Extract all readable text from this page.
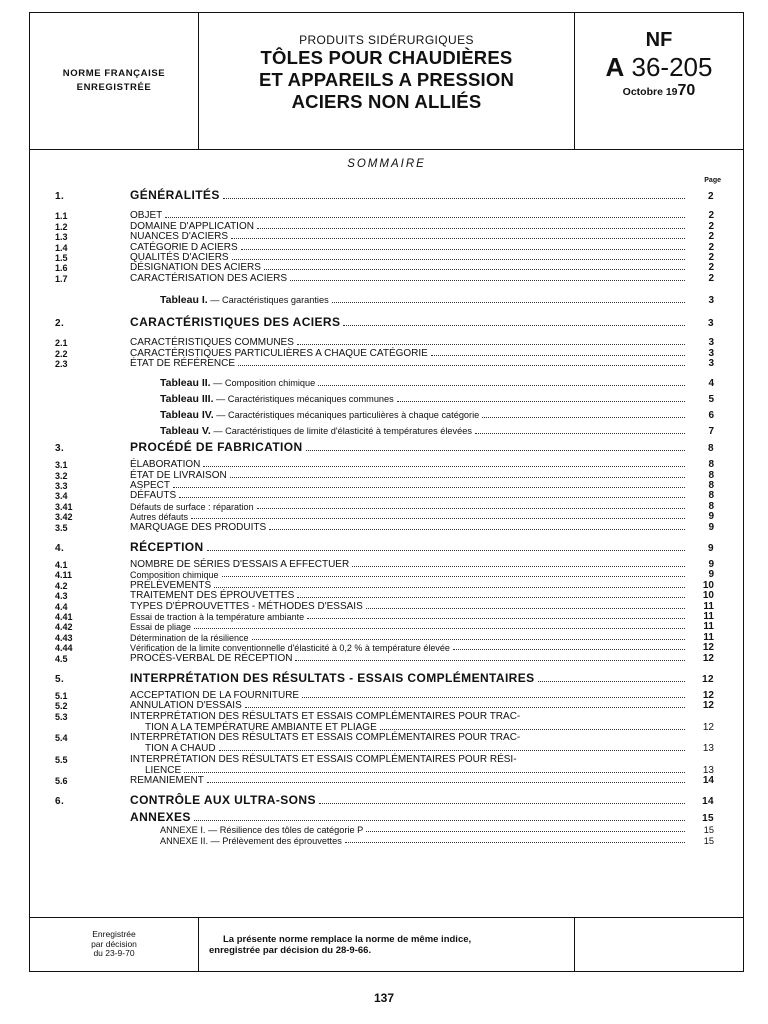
NORME FRANÇAISE
ENREGISTRÉE
PRODUITS SIDÉRURGIQUES
TÔLES POUR CHAUDIÈRES
ET APPAREILS A PRESSION
ACIERS NON ALLIÉS
NF
A 36-205
Octobre 1970
SOMMAIRE
Page
1.	GÉNÉRALITÉS	2
1.1	OBJET	2
1.2	DOMAINE D'APPLICATION	2
1.3	NUANCES D'ACIERS	2
1.4	CATÉGORIE D ACIERS	2
1.5	QUALITÉS D'ACIERS	2
1.6	DÉSIGNATION DES ACIERS	2
1.7	CARACTÉRISATION DES ACIERS	2
Tableau I. — Caractéristiques garanties	3
2.	CARACTÉRISTIQUES DES ACIERS	3
2.1	CARACTÉRISTIQUES COMMUNES	3
2.2	CARACTÉRISTIQUES PARTICULIÈRES A CHAQUE CATÉGORIE	3
2.3	ÉTAT DE RÉFÉRENCE	3
Tableau II. — Composition chimique	4
Tableau III. — Caractéristiques mécaniques communes	5
Tableau IV. — Caractéristiques mécaniques particulières à chaque catégorie	6
Tableau V. — Caractéristiques de limite d'élasticité à températures élevées	7
3.	PROCÉDÉ DE FABRICATION	8
3.1	ÉLABORATION	8
3.2	ÉTAT DE LIVRAISON	8
3.3	ASPECT	8
3.4	DÉFAUTS	8
3.41	Défauts de surface : réparation	8
3.42	Autres défauts	9
3.5	MARQUAGE DES PRODUITS	9
4.	RÉCEPTION	9
4.1	NOMBRE DE SÉRIES D'ESSAIS A EFFECTUER	9
4.11	Composition chimique	9
4.2	PRÉLÈVEMENTS	10
4.3	TRAITEMENT DES ÉPROUVETTES	10
4.4	TYPES D'ÉPROUVETTES - MÉTHODES D'ESSAIS	11
4.41	Essai de traction à la température ambiante	11
4.42	Essai de pliage	11
4.43	Détermination de la résilience	11
4.44	Vérification de la limite conventionnelle d'élasticité à 0,2 % à température élevée	12
4.5	PROCÈS-VERBAL DE RÉCEPTION	12
5.	INTERPRÉTATION DES RÉSULTATS - ESSAIS COMPLÉMENTAIRES	12
5.1	ACCEPTATION DE LA FOURNITURE	12
5.2	ANNULATION D'ESSAIS	12
5.3	INTERPRÉTATION DES RÉSULTATS ET ESSAIS COMPLÉMENTAIRES POUR TRAC-
TION A LA TEMPÉRATURE AMBIANTE ET PLIAGE	12
5.4	INTERPRÉTATION DES RÉSULTATS ET ESSAIS COMPLÉMENTAIRES POUR TRAC-
TION A CHAUD	13
5.5	INTERPRÉTATION DES RÉSULTATS ET ESSAIS COMPLÉMENTAIRES POUR RÉSI-
LIENCE	13
5.6	REMANIEMENT	14
6.	CONTRÔLE AUX ULTRA-SONS	14
ANNEXES	15
ANNEXE I. — Résilience des tôles de catégorie P	15
ANNEXE II. — Prélèvement des éprouvettes	15
Enregistrée
par décision
du 23-9-70
La présente norme remplace la norme de même indice,
enregistrée par décision du 28-9-66.
137
